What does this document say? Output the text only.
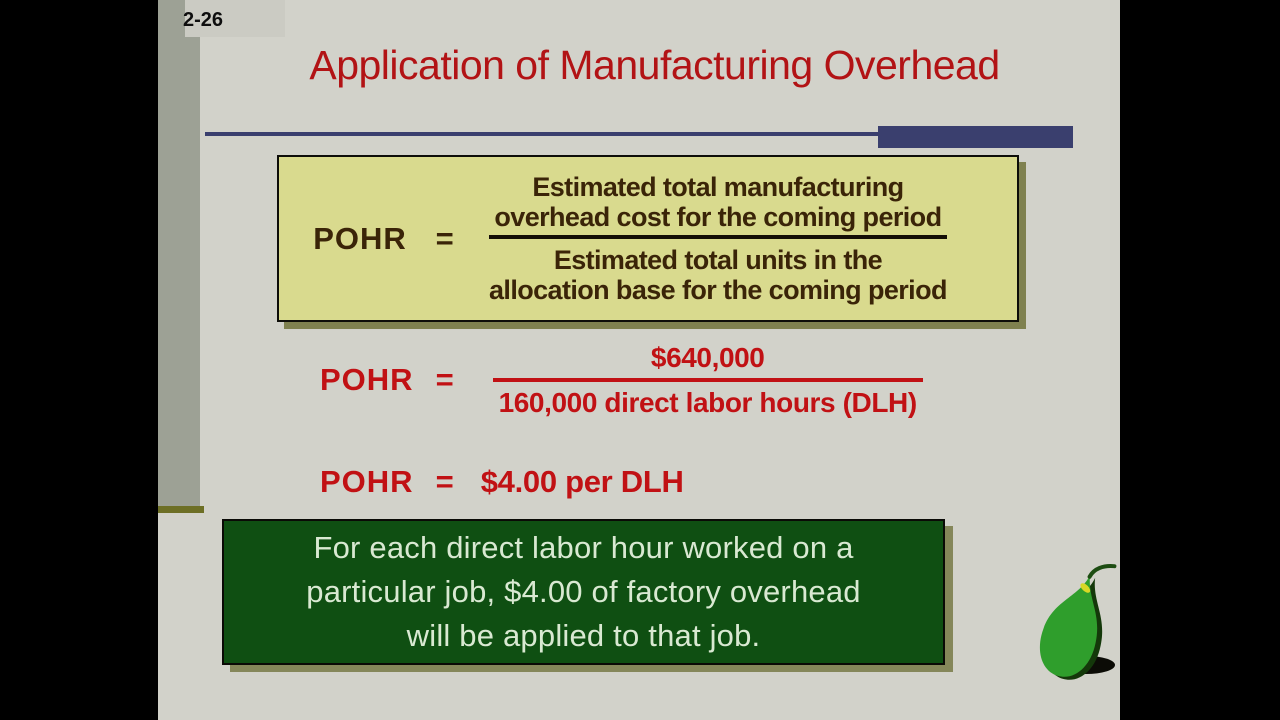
2-26
Application of Manufacturing Overhead
POHR =
Estimated total manufacturing
overhead cost for the coming period
Estimated total units in the
allocation base for the coming period
POHR =
$640,000
160,000 direct labor hours (DLH)
POHR = $4.00 per DLH
For each direct labor hour worked on a
particular job, $4.00 of factory overhead
will be applied to that job.
